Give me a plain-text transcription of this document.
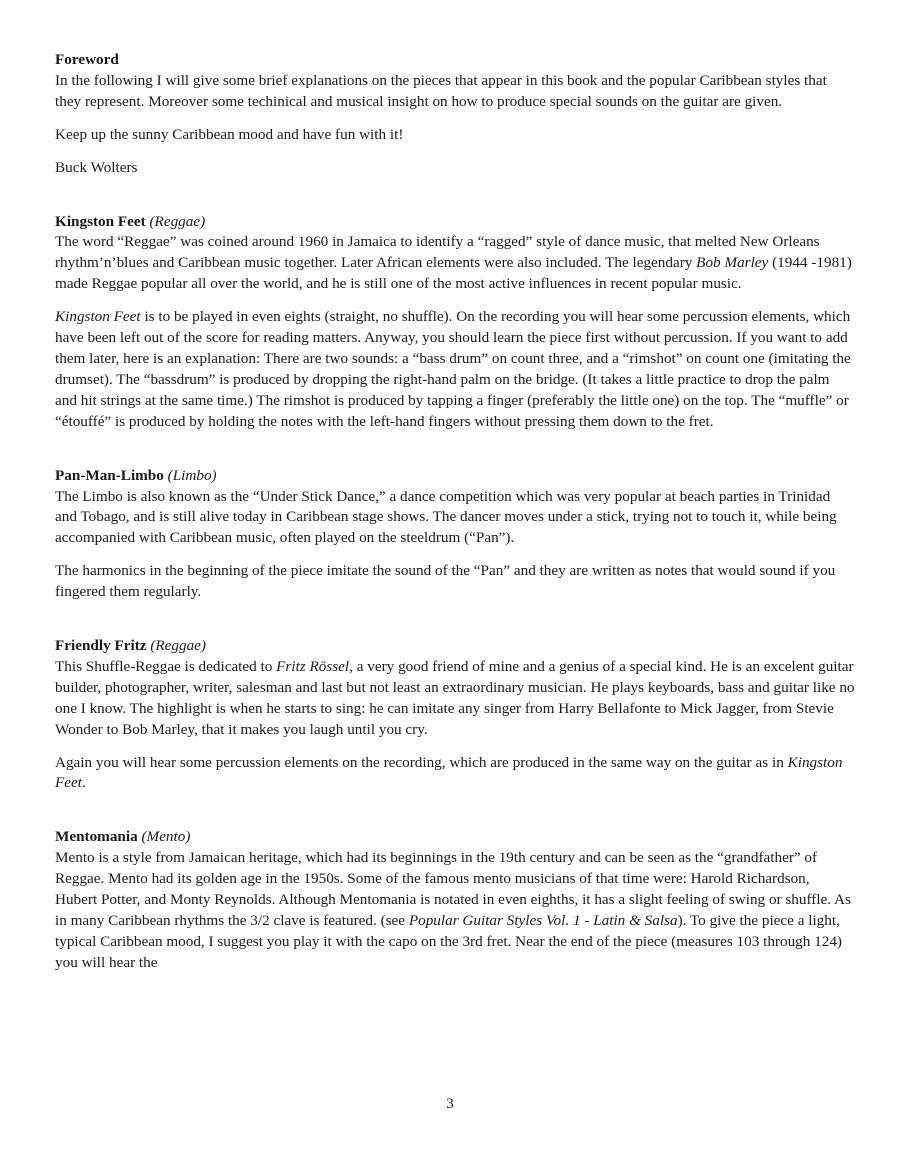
Foreword

In the following I will give some brief explanations on the pieces that appear in this book and the popular Caribbean styles that they represent. Moreover some techinical and musical insight on how to produce special sounds on the guitar are given.

Keep up the sunny Caribbean mood and have fun with it!

Buck Wolters

Kingston Feet (Reggae)

The word “Reggae” was coined around 1960 in Jamaica to identify a “ragged” style of dance music, that melted New Orleans rhythm’n’blues and Caribbean music together. Later African elements were also included. The legendary Bob Marley (1944 -1981) made Reggae popular all over the world, and he is still one of the most active influences in recent popular music.

Kingston Feet is to be played in even eights (straight, no shuffle). On the recording you will hear some percussion elements, which have been left out of the score for reading matters. Anyway, you should learn the piece first without percussion. If you want to add them later, here is an explanation: There are two sounds: a “bass drum” on count three, and a “rimshot” on count one (imitating the drumset). The “bassdrum” is produced by dropping the right-hand palm on the bridge. (It takes a little practice to drop the palm and hit strings at the same time.) The rimshot is produced by tapping a finger (preferably the little one) on the top. The “muffle” or “étouffé” is produced by holding the notes with the left-hand fingers without pressing them down to the fret.

Pan-Man-Limbo (Limbo)

The Limbo is also known as the “Under Stick Dance,” a dance competition which was very popular at beach parties in Trinidad and Tobago, and is still alive today in Caribbean stage shows. The dancer moves under a stick, trying not to touch it, while being accompanied with Caribbean music, often played on the steeldrum (“Pan”).

The harmonics in the beginning of the piece imitate the sound of the “Pan” and they are written as notes that would sound if you fingered them regularly.

Friendly Fritz (Reggae)

This Shuffle-Reggae is dedicated to Fritz Rössel, a very good friend of mine and a genius of a special kind. He is an excelent guitar builder, photographer, writer, salesman and last but not least an extraordinary musician. He plays keyboards, bass and guitar like no one I know. The highlight is when he starts to sing: he can imitate any singer from Harry Bellafonte to Mick Jagger, from Stevie Wonder to Bob Marley, that it makes you laugh until you cry.

Again you will hear some percussion elements on the recording, which are produced in the same way on the guitar as in Kingston Feet.

Mentomania (Mento)

Mento is a style from Jamaican heritage, which had its beginnings in the 19th century and can be seen as the “grandfather” of Reggae. Mento had its golden age in the 1950s. Some of the famous mento musicians of that time were: Harold Richardson, Hubert Potter, and Monty Reynolds. Although Mentomania is notated in even eighths, it has a slight feeling of swing or shuffle. As in many Caribbean rhythms the 3/2 clave is featured. (see Popular Guitar Styles Vol. 1 - Latin & Salsa). To give the piece a light, typical Caribbean mood, I suggest you play it with the capo on the 3rd fret. Near the end of the piece (measures 103 through 124) you will hear the

3
